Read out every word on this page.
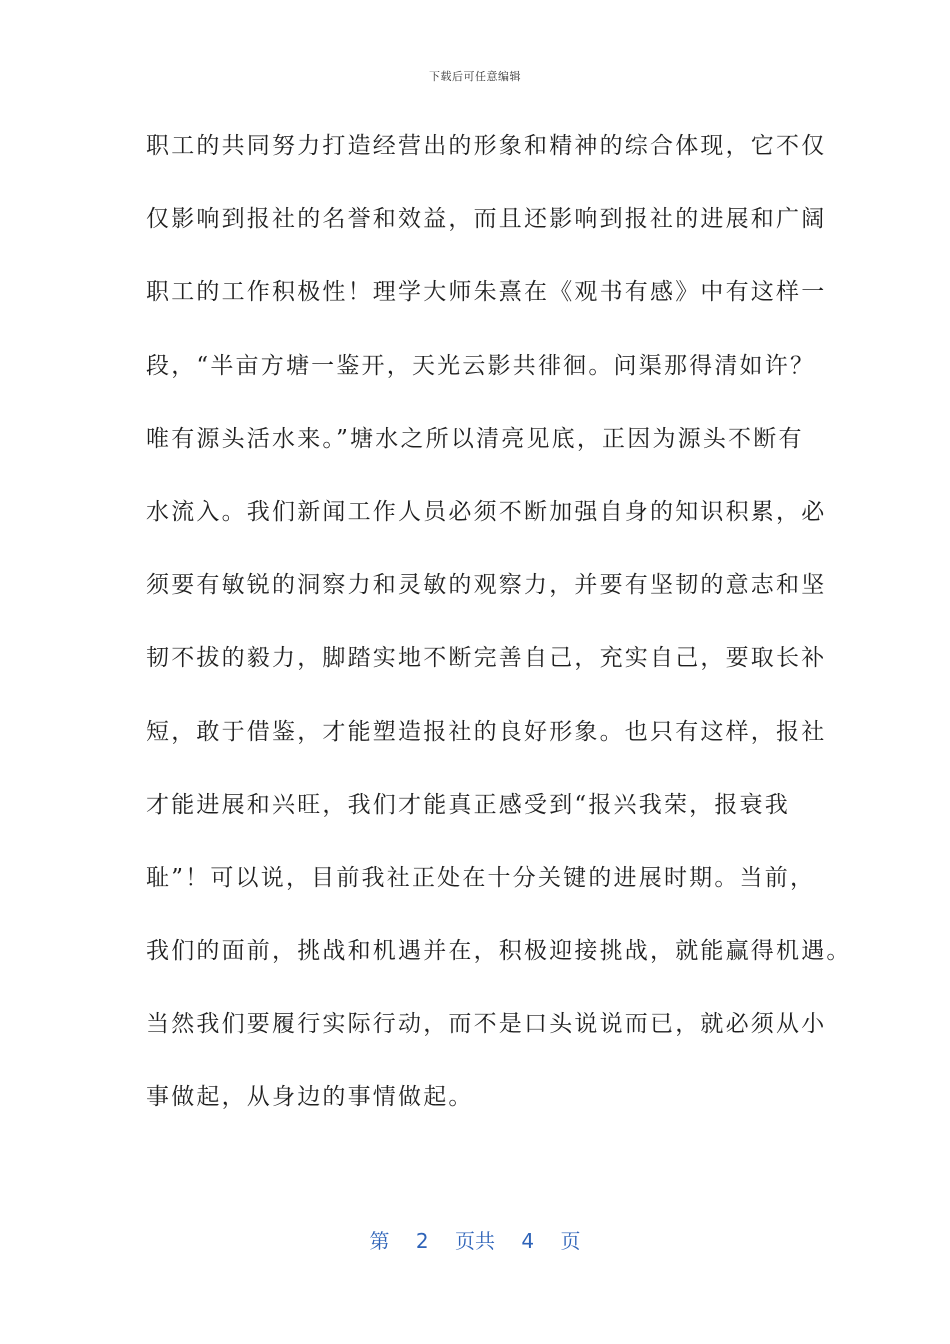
下载后可任意编辑
职工的共同努力打造经营出的形象和精神的综合体现，它不仅
仅影响到报社的名誉和效益，而且还影响到报社的进展和广阔
职工的工作积极性！理学大师朱熹在《观书有感》中有这样一
段，“半亩方塘一鉴开，天光云影共徘徊。问渠那得清如许？
唯有源头活水来。”塘水之所以清亮见底，正因为源头不断有
水流入。我们新闻工作人员必须不断加强自身的知识积累，必
须要有敏锐的洞察力和灵敏的观察力，并要有坚韧的意志和坚
韧不拔的毅力，脚踏实地不断完善自己，充实自己，要取长补
短，敢于借鉴，才能塑造报社的良好形象。也只有这样，报社
才能进展和兴旺，我们才能真正感受到“报兴我荣，报衰我
耻”！可以说，目前我社正处在十分关键的进展时期。当前，
我们的面前，挑战和机遇并在，积极迎接挑战，就能赢得机遇。
当然我们要履行实际行动，而不是口头说说而已，就必须从小
事做起，从身边的事情做起。
第 2 页共 4 页
